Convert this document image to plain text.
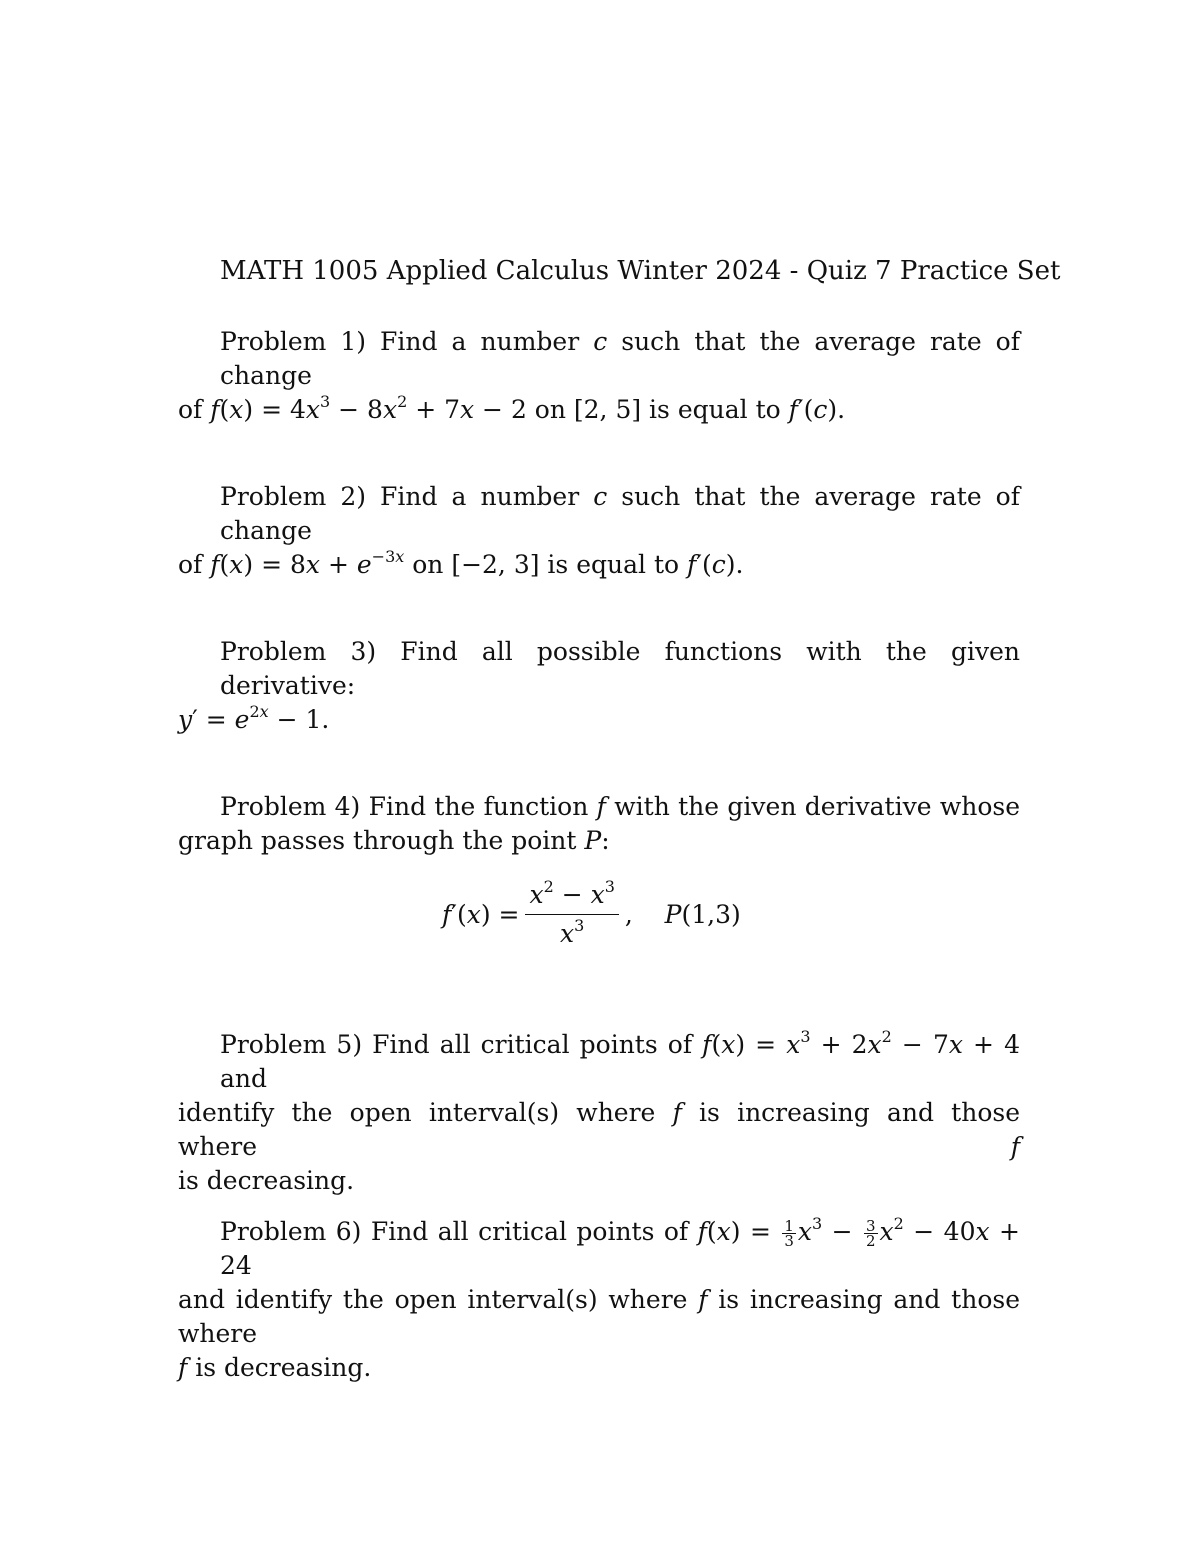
MATH 1005 Applied Calculus Winter 2024 - Quiz 7 Practice Set
Problem 1) Find a number c such that the average rate of change
of $f(x) = 4x^3 - 8x^2 + 7x - 2$ on [2, 5] is equal to f′(c).
Problem 2) Find a number c such that the average rate of change
of $f(x) = 8x + e^{-3x}$ on [−2, 3] is equal to f′(c).
Problem 3) Find all possible functions with the given derivative:
$y' = e^{2x} - 1$.
Problem 4) Find the function f with the given derivative whose
graph passes through the point P:
$f'(x) = \frac{x^2 - x^3}{x^3}$ ,    P(1,3)
Problem 5) Find all critical points of $f(x) = x^3 + 2x^2 - 7x + 4$ and
identify the open interval(s) where f is increasing and those where f
is decreasing.
Problem 6) Find all critical points of $f(x) = \frac{1}{3} x^3 - \frac{3}{2} x^2 - 40x + 24$
and identify the open interval(s) where f is increasing and those where
f is decreasing.
